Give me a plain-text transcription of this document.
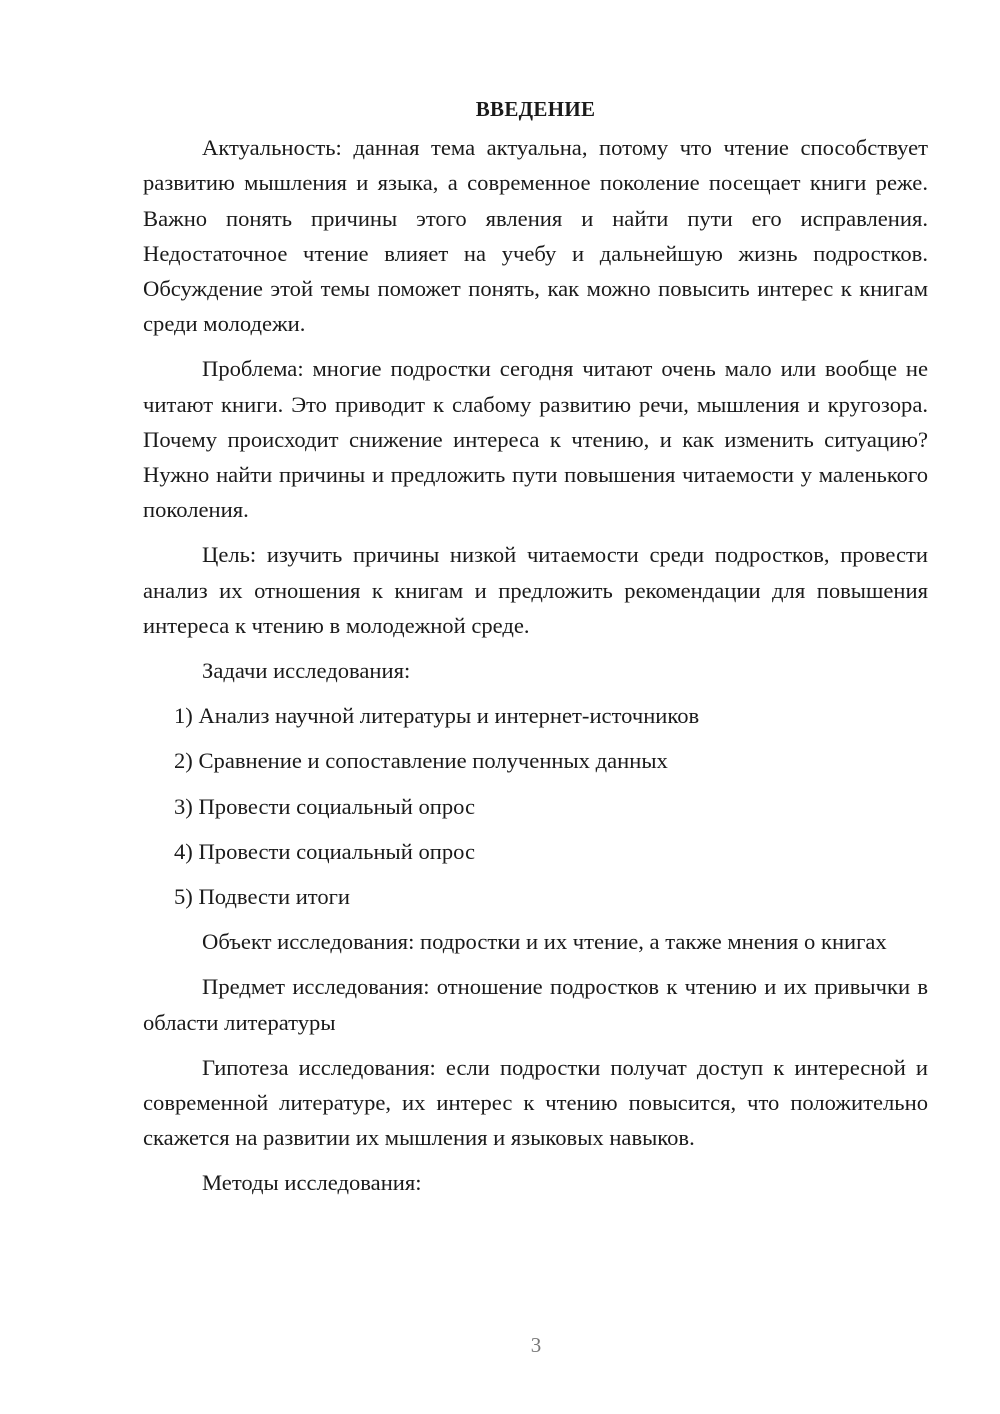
ВВЕДЕНИЕ

Актуальность: данная тема актуальна, потому что чтение способствует развитию мышления и языка, а современное поколение посещает книги реже. Важно понять причины этого явления и найти пути его исправления. Недостаточное чтение влияет на учебу и дальнейшую жизнь подростков. Обсуждение этой темы поможет понять, как можно повысить интерес к книгам среди молодежи.

Проблема: многие подростки сегодня читают очень мало или вообще не читают книги. Это приводит к слабому развитию речи, мышления и кругозора. Почему происходит снижение интереса к чтению, и как изменить ситуацию? Нужно найти причины и предложить пути повышения читаемости у маленького поколения.

Цель: изучить причины низкой читаемости среди подростков, провести анализ их отношения к книгам и предложить рекомендации для повышения интереса к чтению в молодежной среде.

Задачи исследования:
1) Анализ научной литературы и интернет-источников
2) Сравнение и сопоставление полученных данных
3) Провести социальный опрос
4) Провести социальный опрос
5) Подвести итоги

Объект исследования: подростки и их чтение, а также мнения о книгах

Предмет исследования: отношение подростков к чтению и их привычки в области литературы

Гипотеза исследования: если подростки получат доступ к интересной и современной литературе, их интерес к чтению повысится, что положительно скажется на развитии их мышления и языковых навыков.

Методы исследования:
3
